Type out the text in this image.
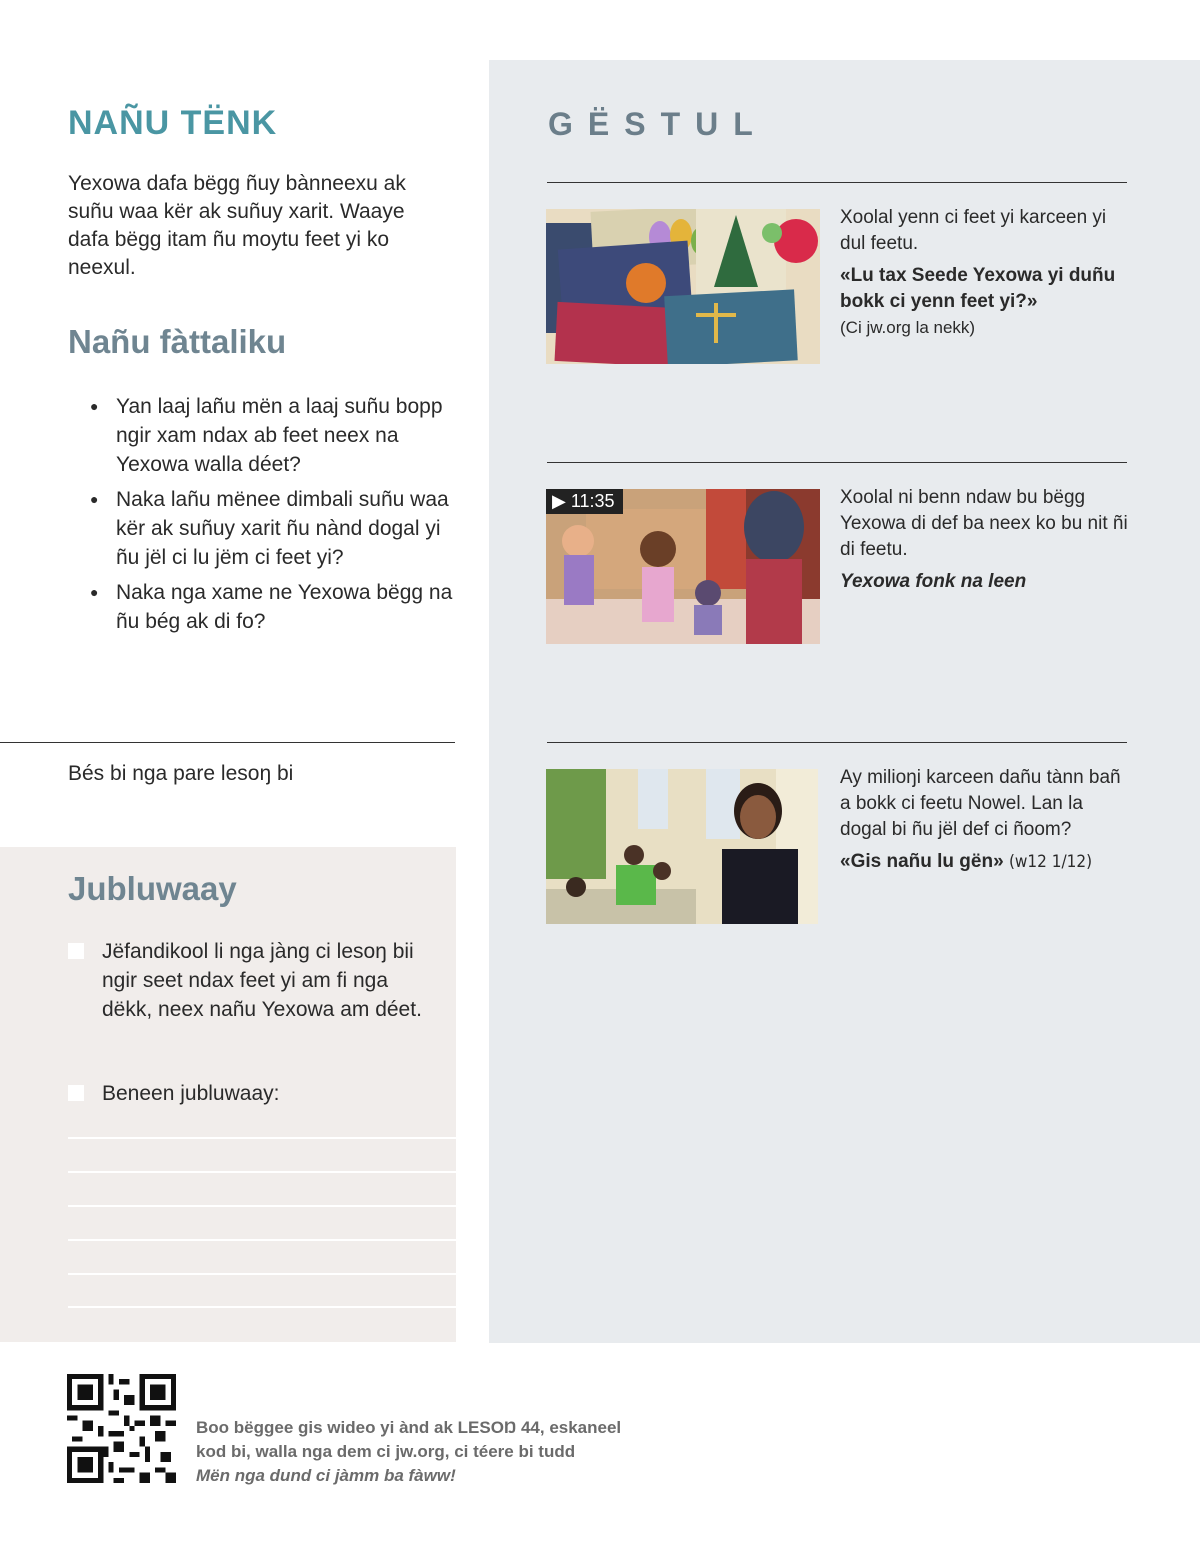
NAÑU TËNK

Yexowa dafa bëgg ñuy bànneexu ak suñu waa kër ak suñuy xarit. Waaye dafa bëgg itam ñu moytu feet yi ko neexul.

Nañu fàttaliku
● Yan laaj lañu mën a laaj suñu bopp ngir xam ndax ab feet neex na Yexowa walla déet?
● Naka lañu mënee dimbali suñu waa kër ak suñuy xarit ñu nànd dogal yi ñu jël ci lu jëm ci feet yi?
● Naka nga xame ne Yexowa bëgg na ñu bég ak di fo?

Bés bi nga pare lesoŋ bi

Jubluwaay
Jëfandikool li nga jàng ci lesoŋ bii ngir seet ndax feet yi am fi nga dëkk, neex nañu Yexowa am déet.
Beneen jubluwaay:
GËSTUL

Xoolal yenn ci feet yi karceen yi dul feetu.

«Lu tax Seede Yexowa yi duñu bokk ci yenn feet yi?»

(Ci jw.org la nekk)

▶ 11:35	Xoolal ni benn ndaw bu bëgg Yexowa di def ba neex ko bu nit ñi di feetu.

Yexowa fonk na leen

Ay milioŋi karceen dañu tànn bañ a bokk ci feetu Nowel. Lan la dogal bi ñu jël def ci ñoom?

«Gis nañu lu gën» (w12 1/12)

Boo bëggee gis wideo yi ànd ak LESOŊ 44, eskaneel
kod bi, walla nga dem ci jw.org, ci téere bi tudd
Mën nga dund ci jàmm ba fàww!
